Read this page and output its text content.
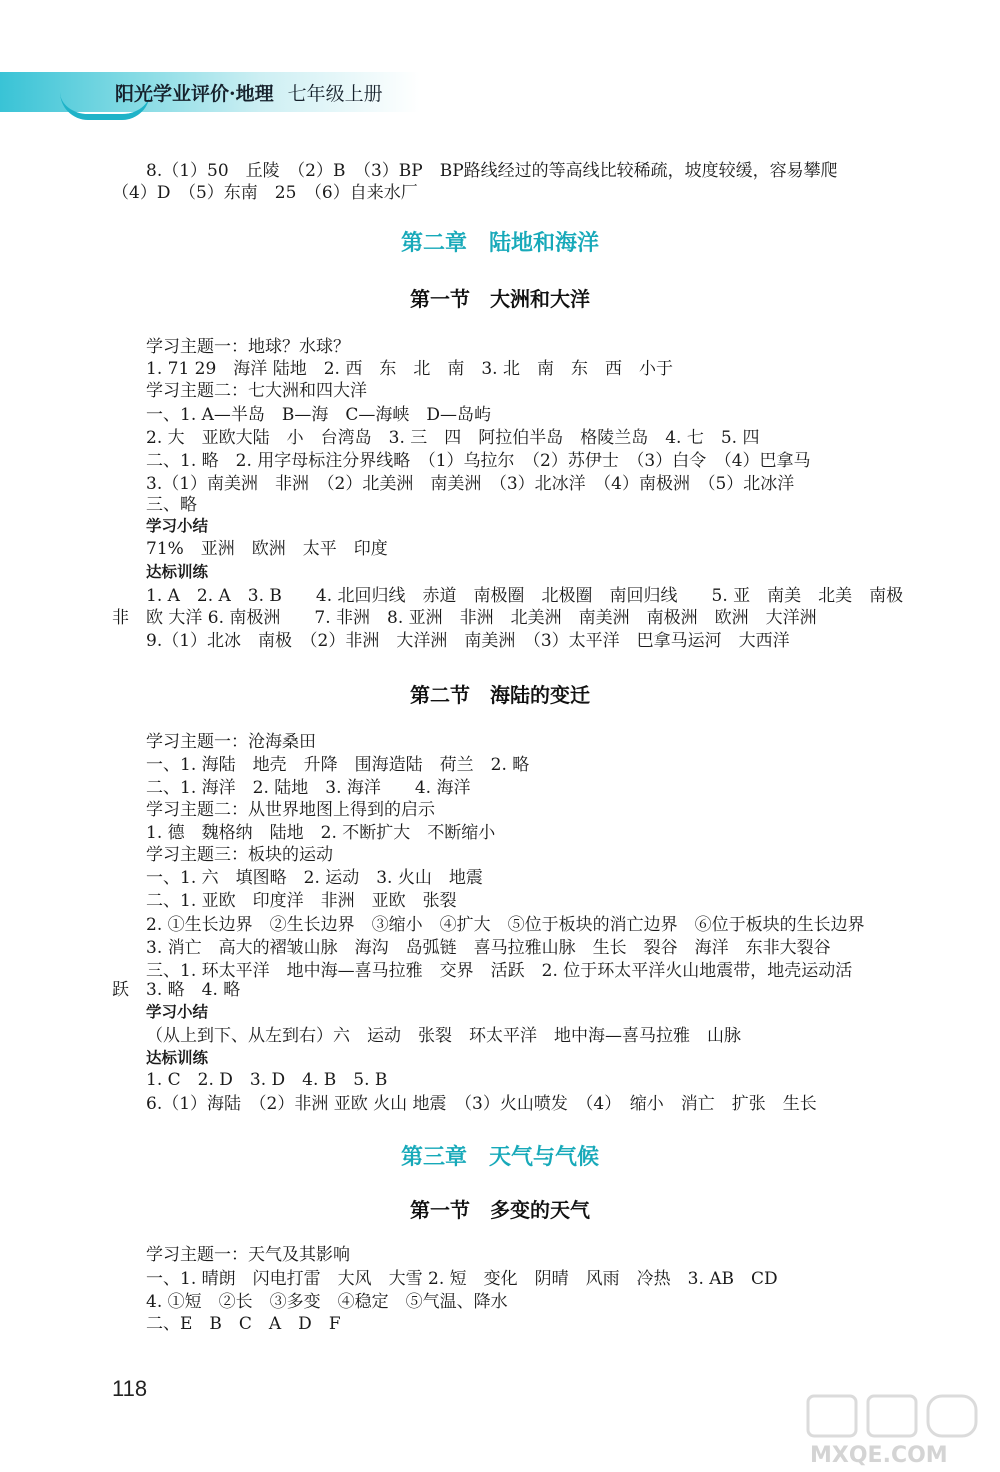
阳光学业评价·地理 七年级上册
8.（1）50　丘陵　（2）B　（3）BP　BP路线经过的等高线比较稀疏，坡度较缓，容易攀爬
（4）D　（5）东南　25　（6）自来水厂
第二章　陆地和海洋
第一节　大洲和大洋
学习主题一：地球？水球？
1. 71 29　海洋 陆地　2. 西　东　北　南　3. 北　南　东　西　小于
学习主题二：七大洲和四大洋
一、1. A—半岛　B—海　C—海峡　D—岛屿
2. 大　亚欧大陆　小　台湾岛　3. 三　四　阿拉伯半岛　格陵兰岛　4. 七　5. 四
二、1. 略　2. 用字母标注分界线略　（1）乌拉尔　（2）苏伊士　（3）白令　（4）巴拿马
3.（1）南美洲　非洲　（2）北美洲　南美洲　（3）北冰洋　（4）南极洲　（5）北冰洋
三、略
学习小结
71%　亚洲　欧洲　太平　印度
达标训练
1. A　2. A　3. B　　4. 北回归线　赤道　南极圈　北极圈　南回归线　　5. 亚　南美　北美　南极
非　欧 大洋 6. 南极洲　　7. 非洲　8. 亚洲　非洲　北美洲　南美洲　南极洲　欧洲　大洋洲
9.（1）北冰　南极　（2）非洲　大洋洲　南美洲　（3）太平洋　巴拿马运河　大西洋
第二节　海陆的变迁
学习主题一：沧海桑田
一、1. 海陆　地壳　升降　围海造陆　荷兰　2. 略
二、1. 海洋　2. 陆地　3. 海洋　　4. 海洋
学习主题二：从世界地图上得到的启示
1. 德　魏格纳　陆地　2. 不断扩大　不断缩小
学习主题三：板块的运动
一、1. 六　填图略　2. 运动　3. 火山　地震
二、1. 亚欧　印度洋　非洲　亚欧　张裂
2. ①生长边界　②生长边界　③缩小　④扩大　⑤位于板块的消亡边界　⑥位于板块的生长边界
3. 消亡　高大的褶皱山脉　海沟　岛弧链　喜马拉雅山脉　生长　裂谷　海洋　东非大裂谷
三、1. 环太平洋　地中海—喜马拉雅　交界　活跃　2. 位于环太平洋火山地震带，地壳运动活
跃　3. 略　4. 略
学习小结
（从上到下、从左到右）六　运动　张裂　环太平洋　地中海—喜马拉雅　山脉
达标训练
1. C　2. D　3. D　4. B　5. B
6.（1）海陆　（2）非洲 亚欧 火山 地震　（3）火山喷发　（4）　缩小　消亡　扩张　生长
第三章　天气与气候
第一节　多变的天气
学习主题一：天气及其影响
一、1. 晴朗　闪电打雷　大风　大雪 2. 短　变化　阴晴　风雨　冷热　3. AB　CD
4. ①短　②长　③多变　④稳定　⑤气温、降水
二、E　B　C　A　D　F
118
MXQE.COM
